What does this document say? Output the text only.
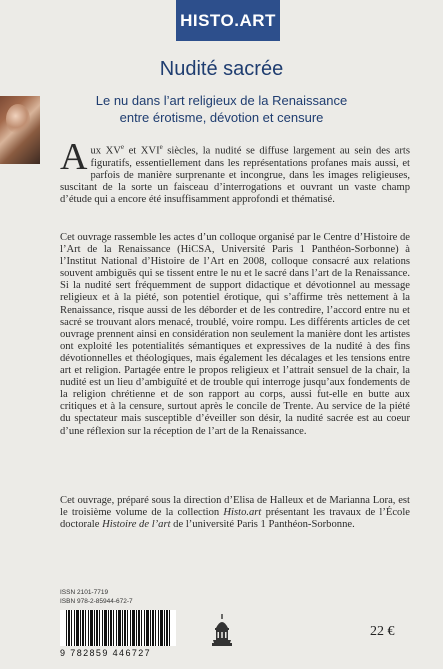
HISTO.ART
Nudité sacrée
Le nu dans l’art religieux de la Renaissance
entre érotisme, dévotion et censure

Aux XVe et XVIe siècles, la nudité se diffuse largement au sein des arts figuratifs, essentiellement dans les représentations profanes mais aussi, et parfois de manière surprenante et incongrue, dans les images religieuses, suscitant de la sorte un faisceau d’interrogations et ouvrant un vaste champ d’étude qui a encore été insuffisamment approfondi et thématisé.

Cet ouvrage rassemble les actes d’un colloque organisé par le Centre d’Histoire de l’Art de la Renaissance (HiCSA, Université Paris 1 Panthéon-Sorbonne) à l’Institut National d’Histoire de l’Art en 2008, colloque consacré aux relations souvent ambiguës qui se tissent entre le nu et le sacré dans l’art de la Renaissance. Si la nudité sert fréquemment de support didactique et dévotionnel au message religieux et à la piété, son potentiel érotique, qui s’affirme très nettement à la Renaissance, risque aussi de les déborder et de les contredire, l’accord entre nu et sacré se trouvant alors menacé, troublé, voire rompu. Les différents articles de cet ouvrage prennent ainsi en considération non seulement la manière dont les artistes ont exploité les potentialités sémantiques et expressives de la nudité à des fins dévotionnelles et théologiques, mais également les décalages et les tensions entre art et religion. Partagée entre le propos religieux et l’attrait sensuel de la chair, la nudité est un lieu d’ambiguïté et de trouble qui interroge jusqu’aux fondements de la religion chrétienne et de son rapport au corps, aussi fut-elle en butte aux critiques et à la censure, surtout après le concile de Trente. Au service de la piété du spectateur mais susceptible d’éveiller son désir, la nudité sacrée est au coeur d’une réflexion sur la réception de l’art de la Renaissance.

Cet ouvrage, préparé sous la direction d’Elisa de Halleux et de Marianna Lora, est le troisième volume de la collection Histo.art présentant les travaux de l’École doctorale Histoire de l’art de l’université Paris 1 Panthéon-Sorbonne.

ISSN 2101-7719
ISBN 978-2-85944-672-7
9 782859 446727
22 €
